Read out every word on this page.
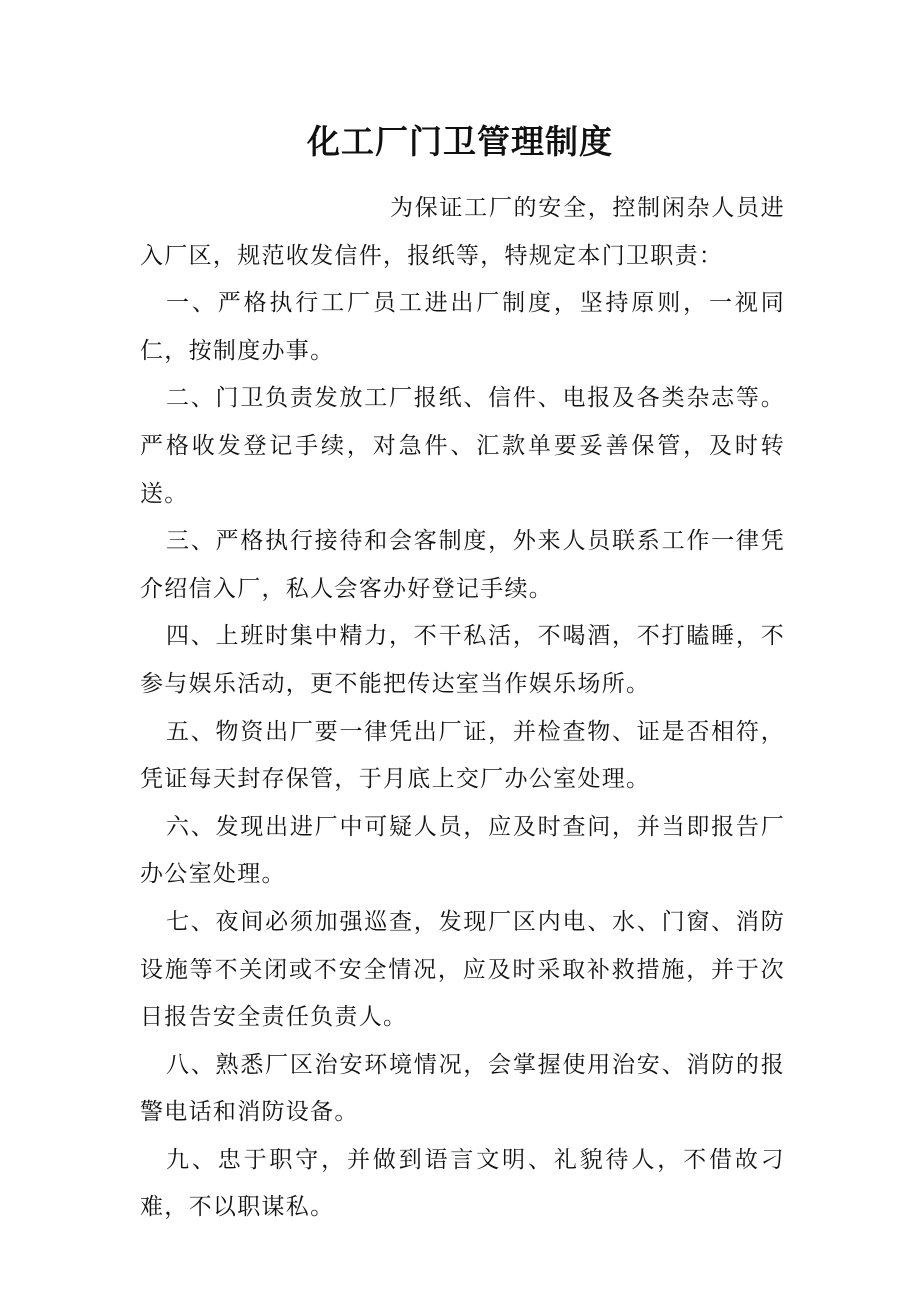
化工厂门卫管理制度

为保证工厂的安全，控制闲杂人员进入厂区，规范收发信件，报纸等，特规定本门卫职责：

一、严格执行工厂员工进出厂制度，坚持原则，一视同仁，按制度办事。

二、门卫负责发放工厂报纸、信件、电报及各类杂志等。严格收发登记手续，对急件、汇款单要妥善保管，及时转送。

三、严格执行接待和会客制度，外来人员联系工作一律凭介绍信入厂，私人会客办好登记手续。

四、上班时集中精力，不干私活，不喝酒，不打瞌睡，不参与娱乐活动，更不能把传达室当作娱乐场所。

五、物资出厂要一律凭出厂证，并检查物、证是否相符，凭证每天封存保管，于月底上交厂办公室处理。

六、发现出进厂中可疑人员，应及时查问，并当即报告厂办公室处理。

七、夜间必须加强巡查，发现厂区内电、水、门窗、消防设施等不关闭或不安全情况，应及时采取补救措施，并于次日报告安全责任负责人。

八、熟悉厂区治安环境情况，会掌握使用治安、消防的报警电话和消防设备。

九、忠于职守，并做到语言文明、礼貌待人，不借故刁难，不以职谋私。
